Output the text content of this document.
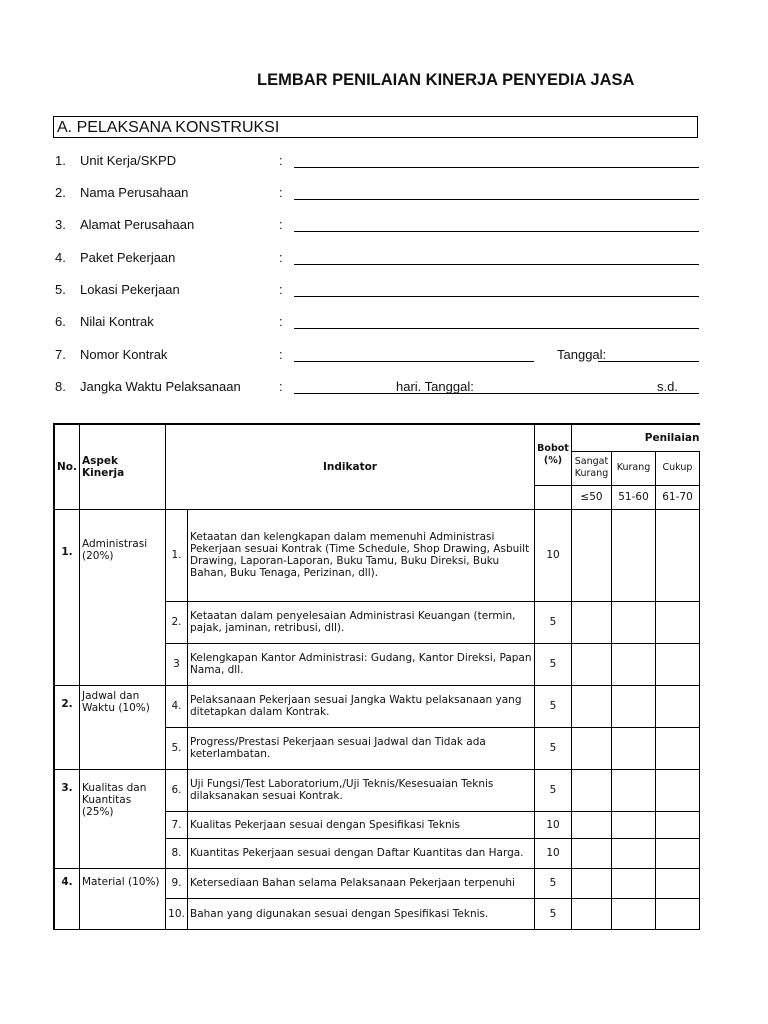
LEMBAR PENILAIAN KINERJA PENYEDIA JASA
A. PELAKSANA KONSTRUKSI
1. Unit Kerja/SKPD	:
2. Nama Perusahaan	:
3. Alamat Perusahaan	:
4. Paket Pekerjaan	:
5. Lokasi Pekerjaan	:
6. Nilai Kontrak	:
7. Nomor Kontrak	:	Tanggal:
8. Jangka Waktu Pelaksanaan	:	hari. Tanggal:	s.d.
No.	Aspek Kinerja	Indikator		Bobot (%)	Penilaian		
					Sangat Kurang	Kurang	Cukup
					≤50	51-60	61-70
1.	Administrasi (20%)	1.	Ketaatan dan kelengkapan dalam memenuhi Administrasi Pekerjaan sesuai Kontrak (Time Schedule, Shop Drawing, Asbuilt Drawing, Laporan-Laporan, Buku Tamu, Buku Direksi, Buku Bahan, Buku Tenaga, Perizinan, dll).	10			
		2.	Ketaatan dalam penyelesaian Administrasi Keuangan (termin, pajak, jaminan, retribusi, dll).	5			
		3	Kelengkapan Kantor Administrasi: Gudang, Kantor Direksi, Papan Nama, dll.	5			
2.	Jadwal dan Waktu (10%)	4.	Pelaksanaan Pekerjaan sesuai Jangka Waktu pelaksanaan yang ditetapkan dalam Kontrak.	5			
		5.	Progress/Prestasi Pekerjaan sesuai Jadwal dan Tidak ada keterlambatan.	5			
3.	Kualitas dan Kuantitas (25%)	6.	Uji Fungsi/Test Laboratorium,/Uji Teknis/Kesesuaian Teknis dilaksanakan sesuai Kontrak.	5			
		7.	Kualitas Pekerjaan sesuai dengan Spesifikasi Teknis	10			
		8.	Kuantitas Pekerjaan sesuai dengan Daftar Kuantitas dan Harga.	10			
4.	Material (10%)	9.	Ketersediaan Bahan selama Pelaksanaan Pekerjaan terpenuhi	5			
		10.	Bahan yang digunakan sesuai dengan Spesifikasi Teknis.	5			
